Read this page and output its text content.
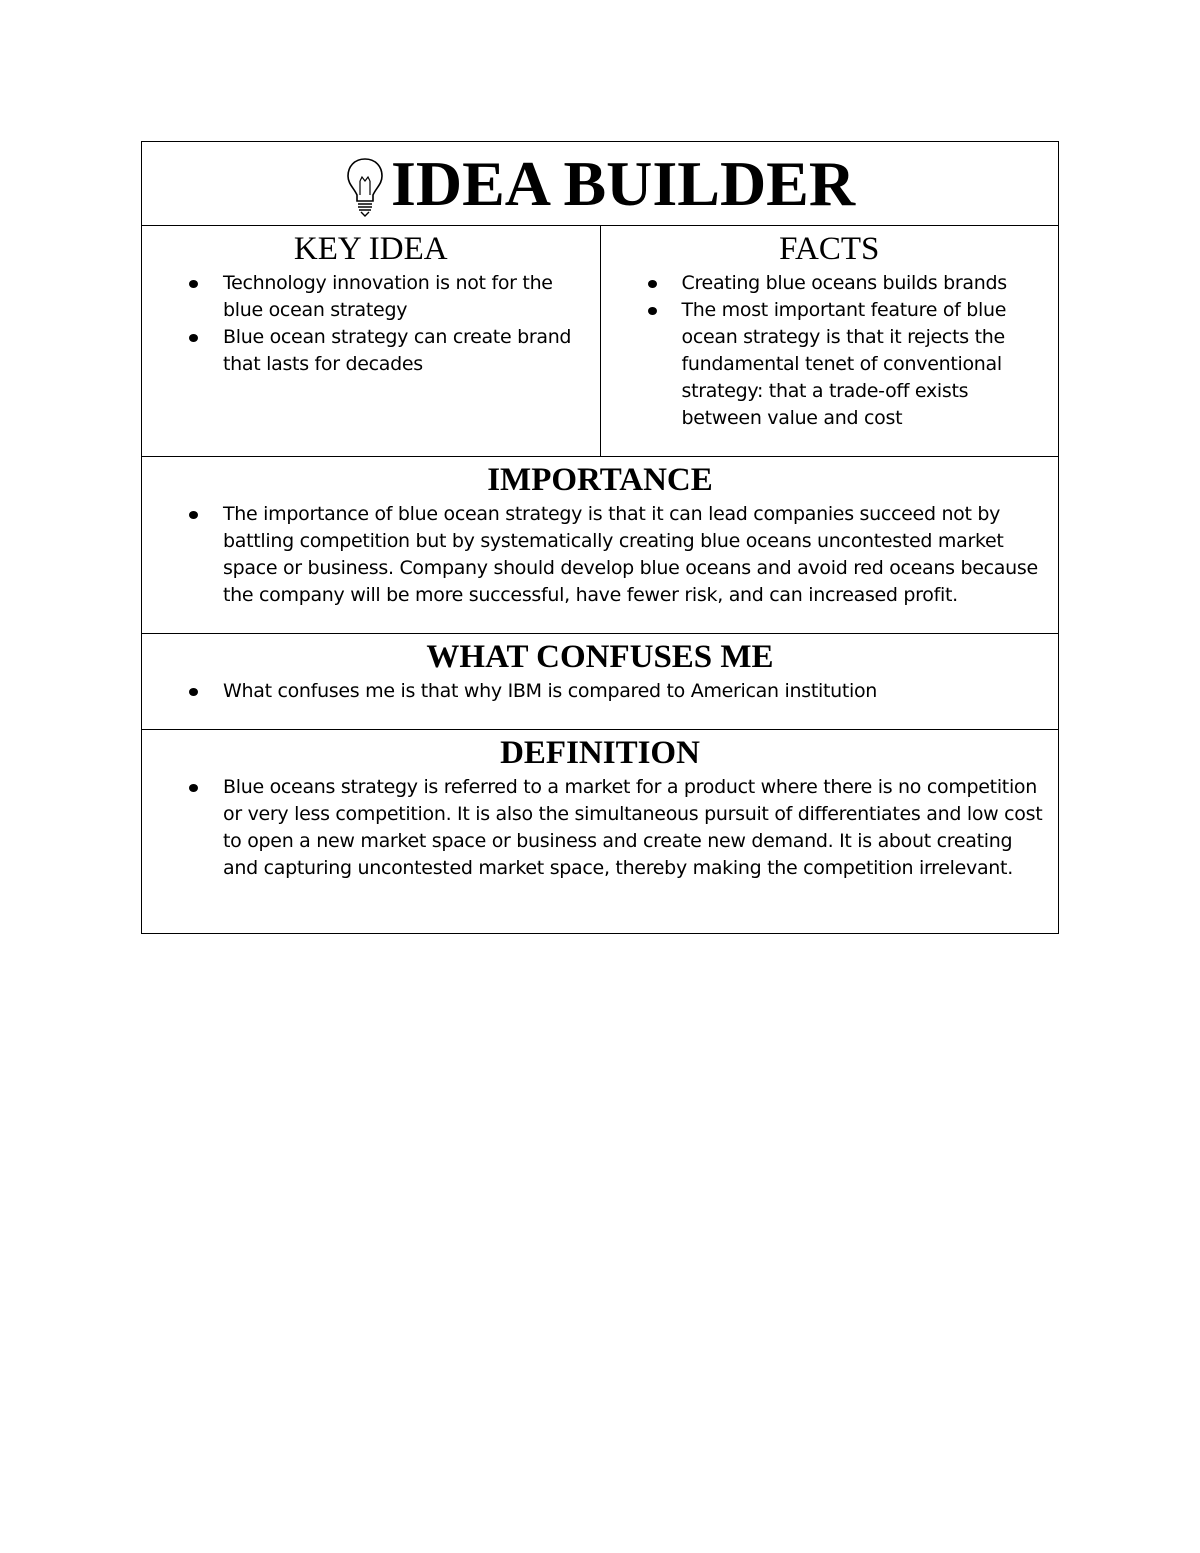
IDEA BUILDER
KEY IDEA
Technology innovation is not for the blue ocean strategy
Blue ocean strategy can create brand that lasts for decades
FACTS
Creating blue oceans builds brands
The most important feature of blue ocean strategy is that it rejects the fundamental tenet of conventional strategy: that a trade-off exists between value and cost
IMPORTANCE
The importance of blue ocean strategy is that it can lead companies succeed not by battling competition but by systematically creating blue oceans uncontested market space or business. Company should develop blue oceans and avoid red oceans because the company will be more successful, have fewer risk, and can increased profit.
WHAT CONFUSES ME
What confuses me is that why IBM is compared to American institution
DEFINITION
Blue oceans strategy is referred to a market for a product where there is no competition or very less competition. It is also the simultaneous pursuit of differentiates and low cost to open a new market space or business and create new demand. It is about creating and capturing uncontested market space, thereby making the competition irrelevant.
